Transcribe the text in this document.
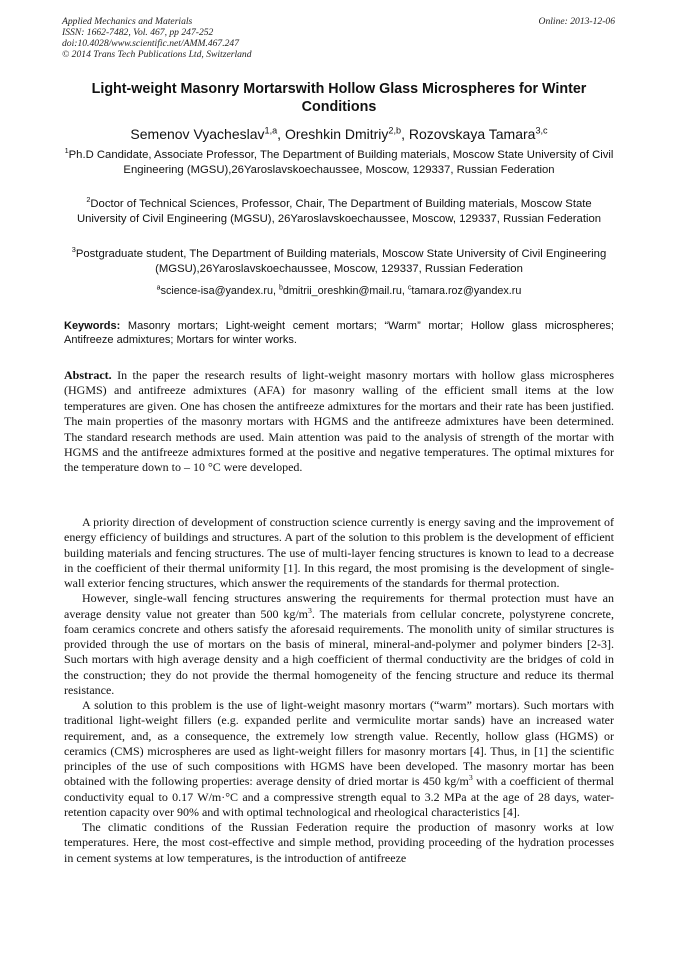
Applied Mechanics and Materials
ISSN: 1662-7482, Vol. 467, pp 247-252
doi:10.4028/www.scientific.net/AMM.467.247
© 2014 Trans Tech Publications Ltd, Switzerland
Online: 2013-12-06
Light-weight Masonry Mortarswith Hollow Glass Microspheres for Winter Conditions
Semenov Vyacheslav$^{1,a}$, Oreshkin Dmitriy$^{2,b}$, Rozovskaya Tamara$^{3,c}$
$^1$Ph.D Candidate, Associate Professor, The Department of Building materials, Moscow State University of Civil Engineering (MGSU),26Yaroslavskoechaussee, Moscow, 129337, Russian Federation
$^2$Doctor of Technical Sciences, Professor, Chair, The Department of Building materials, Moscow State University of Civil Engineering (MGSU), 26Yaroslavskoechaussee, Moscow, 129337, Russian Federation
$^3$Postgraduate student, The Department of Building materials, Moscow State University of Civil Engineering (MGSU),26Yaroslavskoechaussee, Moscow, 129337, Russian Federation
$^a$science-isa@yandex.ru, $^b$dmitrii_oreshkin@mail.ru, $^c$tamara.roz@yandex.ru
Keywords: Masonry mortars; Light-weight cement mortars; “Warm” mortar; Hollow glass microspheres; Antifreeze admixtures; Mortars for winter works.
Abstract. In the paper the research results of light-weight masonry mortars with hollow glass microspheres (HGMS) and antifreeze admixtures (AFA) for masonry walling of the efficient small items at the low temperatures are given. One has chosen the antifreeze admixtures for the mortars and their rate has been justified. The main properties of the masonry mortars with HGMS and the antifreeze admixtures have been determined. The standard research methods are used. Main attention was paid to the analysis of strength of the mortar with HGMS and the antifreeze admixtures formed at the positive and negative temperatures. The optimal mixtures for the temperature down to – 10 °C were developed.

A priority direction of development of construction science currently is energy saving and the improvement of energy efficiency of buildings and structures. A part of the solution to this problem is the development of efficient building materials and fencing structures. The use of multi-layer fencing structures is known to lead to a decrease in the coefficient of their thermal uniformity [1]. In this regard, the most promising is the development of single-wall exterior fencing structures, which answer the requirements of the standards for thermal protection.

However, single-wall fencing structures answering the requirements for thermal protection must have an average density value not greater than 500 $kg/m^3$. The materials from cellular concrete, polystyrene concrete, foam ceramics concrete and others satisfy the aforesaid requirements. The monolith unity of similar structures is provided through the use of mortars on the basis of mineral, mineral-and-polymer and polymer binders [2-3]. Such mortars with high average density and a high coefficient of thermal conductivity are the bridges of cold in the construction; they do not provide the thermal homogeneity of the fencing structure and reduce its thermal resistance.

A solution to this problem is the use of light-weight masonry mortars (“warm” mortars). Such mortars with traditional light-weight fillers (e.g. expanded perlite and vermiculite mortar sands) have an increased water requirement, and, as a consequence, the extremely low strength value. Recently, hollow glass (HGMS) or ceramics (CMS) microspheres are used as light-weight fillers for masonry mortars [4]. Thus, in [1] the scientific principles of the use of such compositions with HGMS have been developed. The masonry mortar has been obtained with the following properties: average density of dried mortar is 450 $kg/m^3$ with a coefficient of thermal conductivity equal to 0.17 W/m·°C and a compressive strength equal to 3.2 MPa at the age of 28 days, water-retention capacity over 90% and with optimal technological and rheological characteristics [4].

The climatic conditions of the Russian Federation require the production of masonry works at low temperatures. Here, the most cost-effective and simple method, providing proceeding of the hydration processes in cement systems at low temperatures, is the introduction of antifreeze
